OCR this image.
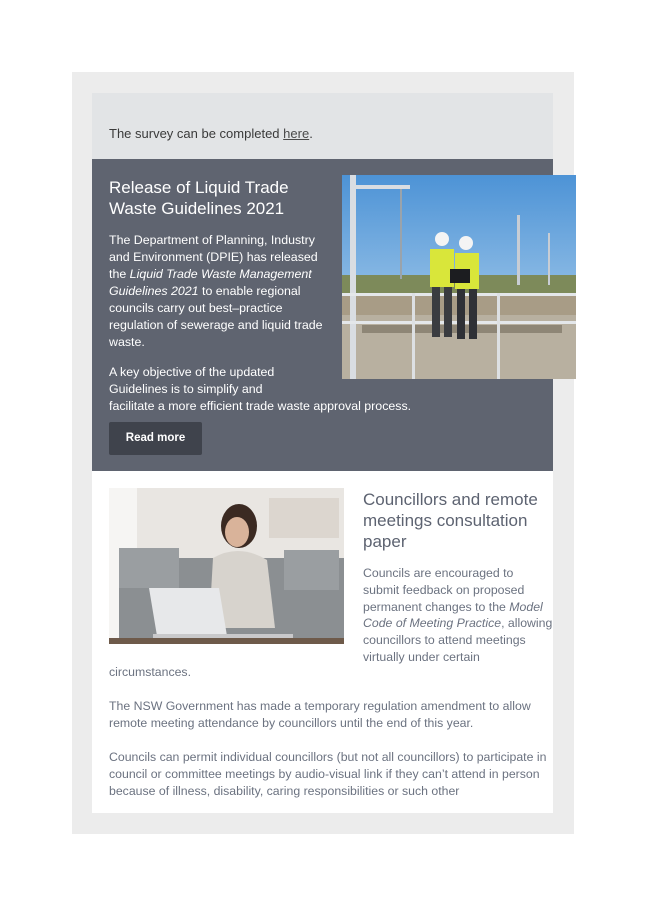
The survey can be completed here.

Release of Liquid Trade Waste Guidelines 2021

The Department of Planning, Industry and Environment (DPIE) has released the Liquid Trade Waste Management Guidelines 2021 to enable regional councils carry out best–practice regulation of sewerage and liquid trade waste.

A key objective of the updated
Guidelines is to simplify and
facilitate a more efficient trade waste approval process.

Read more
Councillors and remote meetings consultation paper

Councils are encouraged to submit feedback on proposed permanent changes to the Model Code of Meeting Practice, allowing councillors to attend meetings virtually under certain

circumstances.

The NSW Government has made a temporary regulation amendment to allow remote meeting attendance by councillors until the end of this year.

Councils can permit individual councillors (but not all councillors) to participate in council or committee meetings by audio-visual link if they can’t attend in person because of illness, disability, caring responsibilities or such other
